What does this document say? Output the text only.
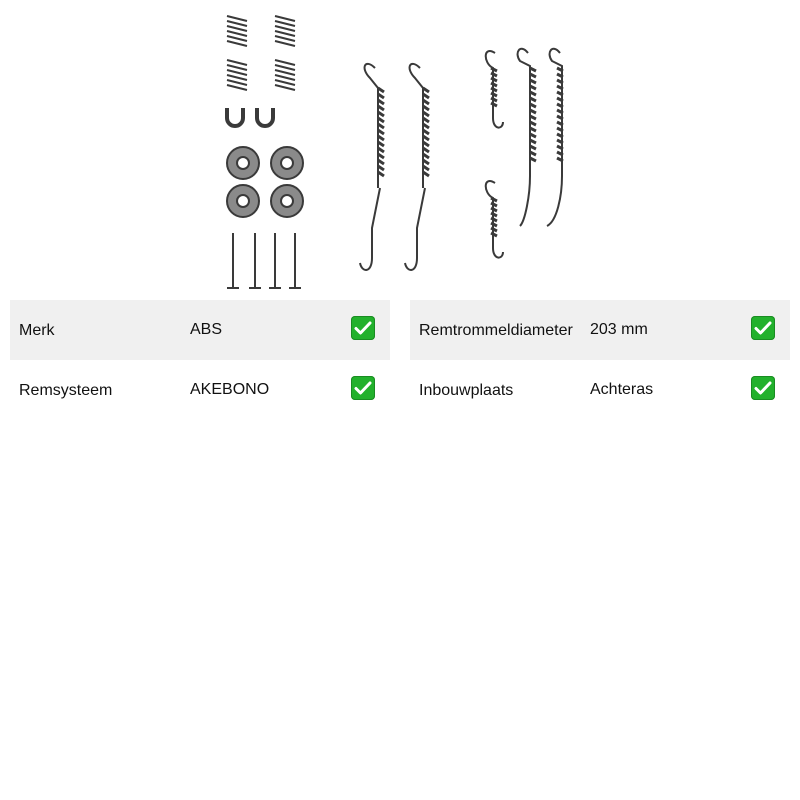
Merk	ABS	Remtrommeldiameter 203 mm
Remsysteem	AKEBONO	Inbouwplaats	Achteras
